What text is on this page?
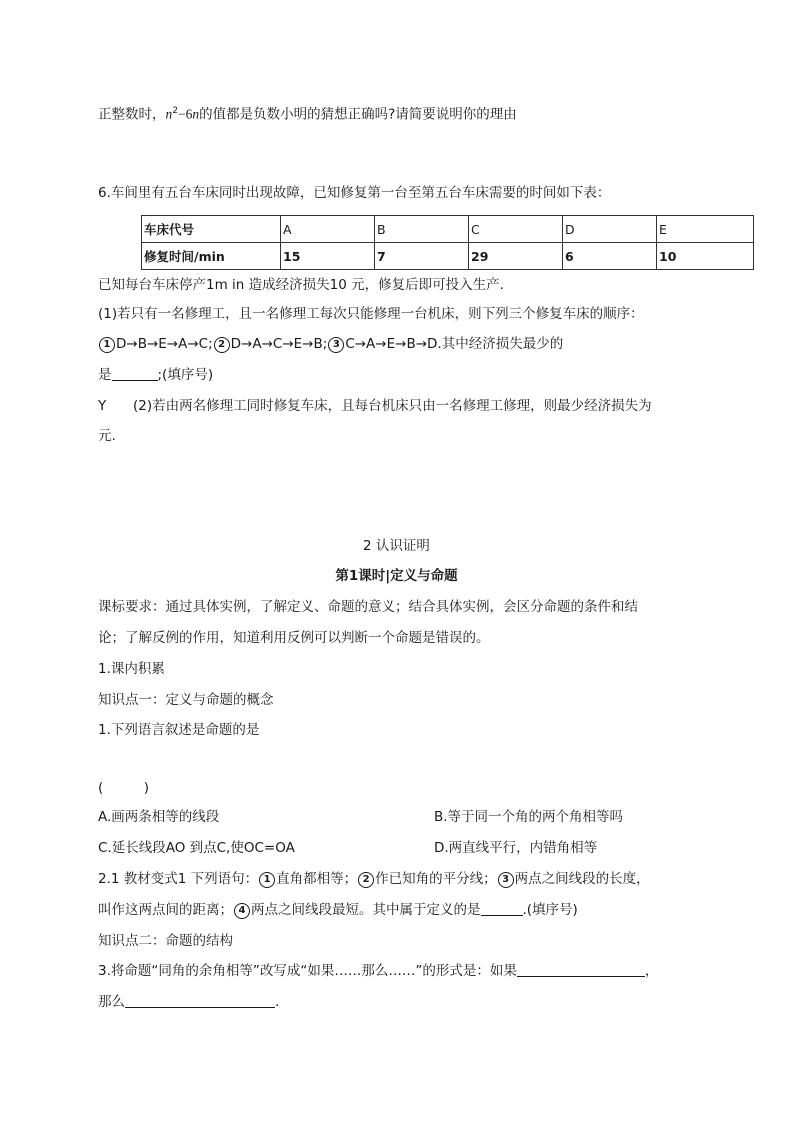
正整数时，$n^2-6n$的值都是负数小明的猜想正确吗?请简要说明你的理由
6.车间里有五台车床同时出现故障，已知修复第一台至第五台车床需要的时间如下表：
车床代号	A	B	C	D	E
修复时间/min	15	7	29	6	10
已知每台车床停产1m in 造成经济损失10 元，修复后即可投入生产.
(1)若只有一名修理工，且一名修理工每次只能修理一台机床，则下列三个修复车床的顺序：
1 D→B→E→A→C; 2 D→A→C→E→B; 3 C→A→E→B→D.其中经济损失最少的
是	;(填序号)
Y (2)若由两名修理工同时修复车床，且每台机床只由一名修理工修理，则最少经济损失为
元.
2 认识证明
第1课时|定义与命题
课标要求：通过具体实例，了解定义、命题的意义；结合具体实例，会区分命题的条件和结
论；了解反例的作用，知道利用反例可以判断一个命题是错误的。
1.课内积累
知识点一：定义与命题的概念
1.下列语言叙述是命题的是
(　　　)
A.画两条相等的线段	B.等于同一个角的两个角相等吗
C.延长线段AO 到点C,使OC=OA	D.两直线平行，内错角相等
2.1 教材变式1 下列语句： 1 直角都相等； 2 作已知角的平分线； 3 两点之间线段的长度，
叫作这两点间的距离； 4 两点之间线段最短。其中属于定义的是	.(填序号)
知识点二：命题的结构
3.将命题“同角的余角相等”改写成“如果……那么……”的形式是：如果	，
那么	.
